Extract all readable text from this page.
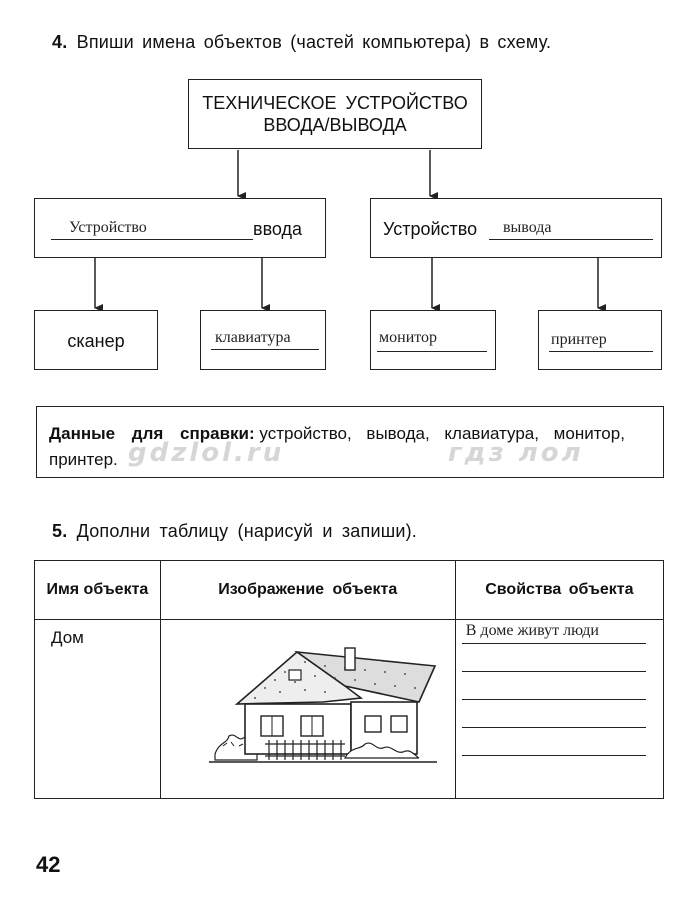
4. Впиши имена объектов (частей компьютера) в схему.
ТЕХНИЧЕСКОЕ УСТРОЙСТВО
ВВОДА/ВЫВОДА
Устройство	ввода	Устройство вывода
сканер	клавиатура	монитор	принтер
Данные для справки: устройство, вывода, клавиатура, монитор, принтер. gdzlol.ru	гдз лол
5. Дополни таблицу (нарисуй и запиши).
Имя объекта	Изображение объекта	Свойства объекта
Дом		В доме живут люди
42
